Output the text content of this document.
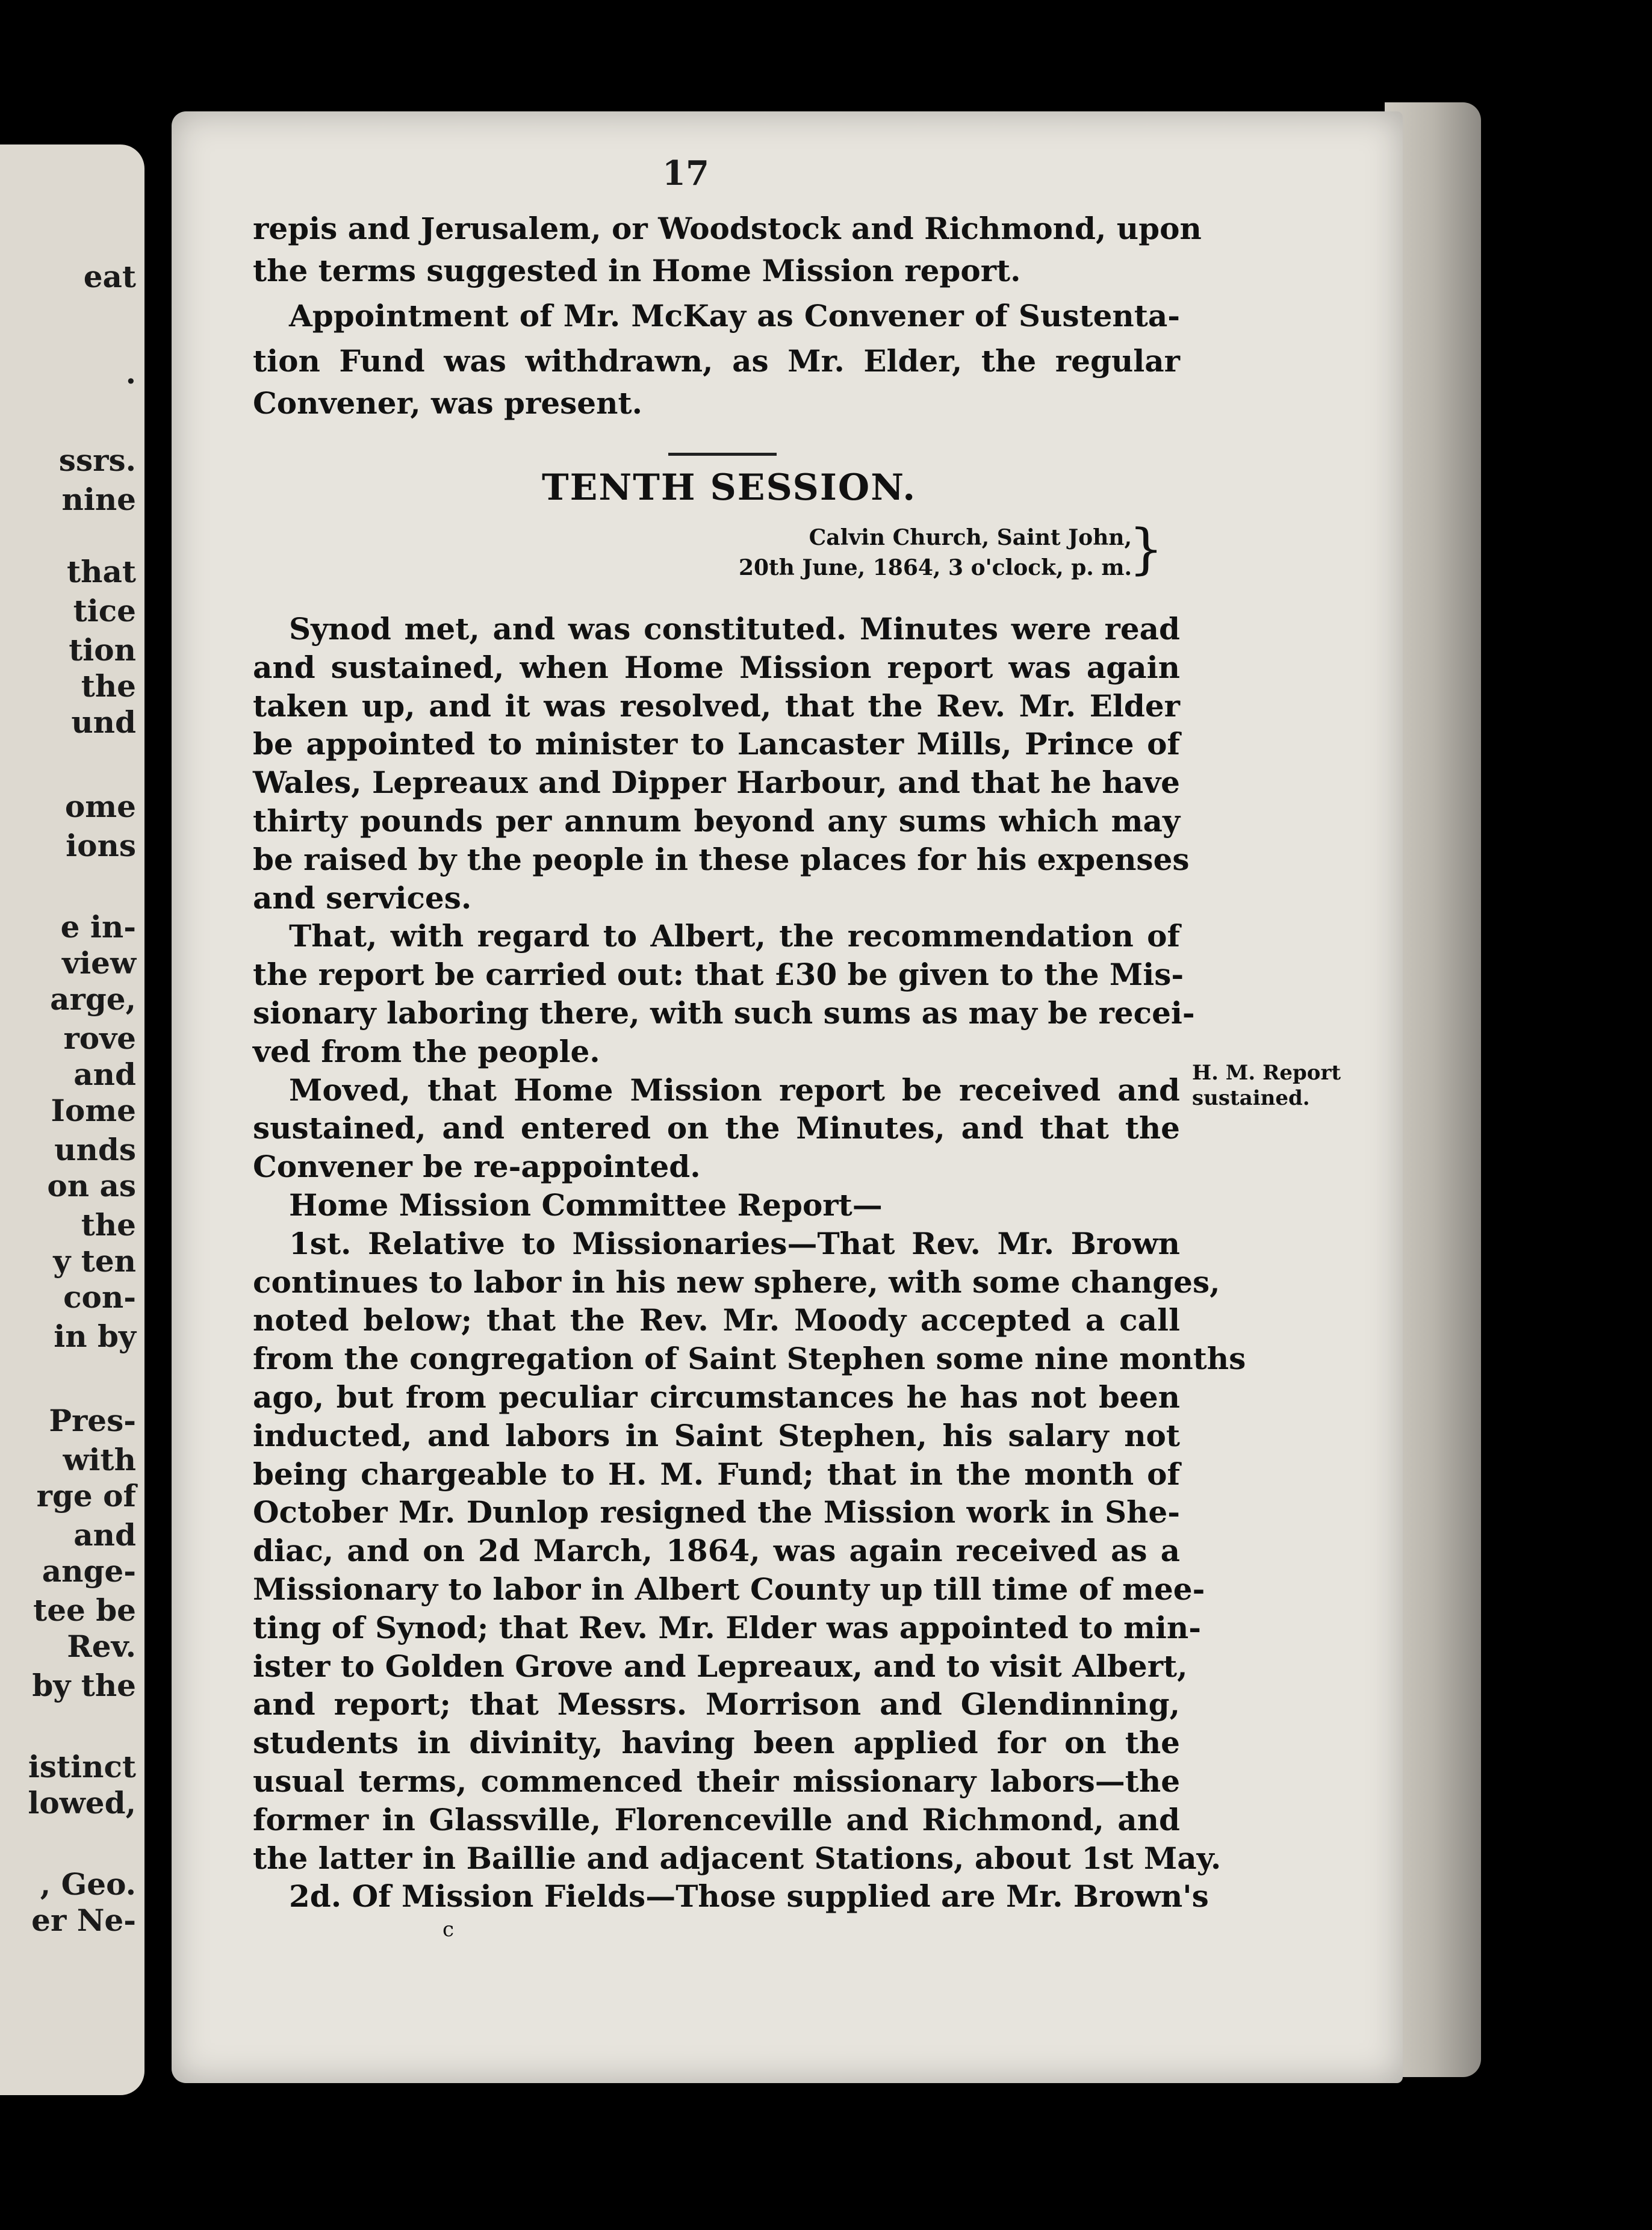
eat
.
ssrs.
nine
that
tice
tion
the
und
ome
ions
e in-
view
arge,
rove
and
Iome
unds
on as
the
y ten
con-
in by
Pres-
with
rge of
and
ange-
tee be
Rev.
by the
istinct
lowed,
, Geo.
er Ne-
17
repis and Jerusalem, or Woodstock and Richmond, upon
the terms suggested in Home Mission report.
Appointment of Mr. McKay as Convener of Sustenta-
tion Fund was withdrawn, as Mr. Elder, the regular
Convener, was present.
TENTH SESSION.
Calvin Church, Saint John,
20th June, 1864, 3 o'clock, p. m.
}
Synod met, and was constituted. Minutes were read
and sustained, when Home Mission report was again
taken up, and it was resolved, that the Rev. Mr. Elder
be appointed to minister to Lancaster Mills, Prince of
Wales, Lepreaux and Dipper Harbour, and that he have
thirty pounds per annum beyond any sums which may
be raised by the people in these places for his expenses
and services.
That, with regard to Albert, the recommendation of
the report be carried out: that £30 be given to the Mis-
sionary laboring there, with such sums as may be recei-
ved from the people.
Moved, that Home Mission report be received and
sustained, and entered on the Minutes, and that the
Convener be re-appointed.
Home Mission Committee Report—
1st. Relative to Missionaries—That Rev. Mr. Brown
continues to labor in his new sphere, with some changes,
noted below; that the Rev. Mr. Moody accepted a call
from the congregation of Saint Stephen some nine months
ago, but from peculiar circumstances he has not been
inducted, and labors in Saint Stephen, his salary not
being chargeable to H. M. Fund; that in the month of
October Mr. Dunlop resigned the Mission work in She-
diac, and on 2d March, 1864, was again received as a
Missionary to labor in Albert County up till time of mee-
ting of Synod; that Rev. Mr. Elder was appointed to min-
ister to Golden Grove and Lepreaux, and to visit Albert,
and report; that Messrs. Morrison and Glendinning,
students in divinity, having been applied for on the
usual terms, commenced their missionary labors—the
former in Glassville, Florenceville and Richmond, and
the latter in Baillie and adjacent Stations, about 1st May.
2d. Of Mission Fields—Those supplied are Mr. Brown's
H. M. Report
sustained.
c
